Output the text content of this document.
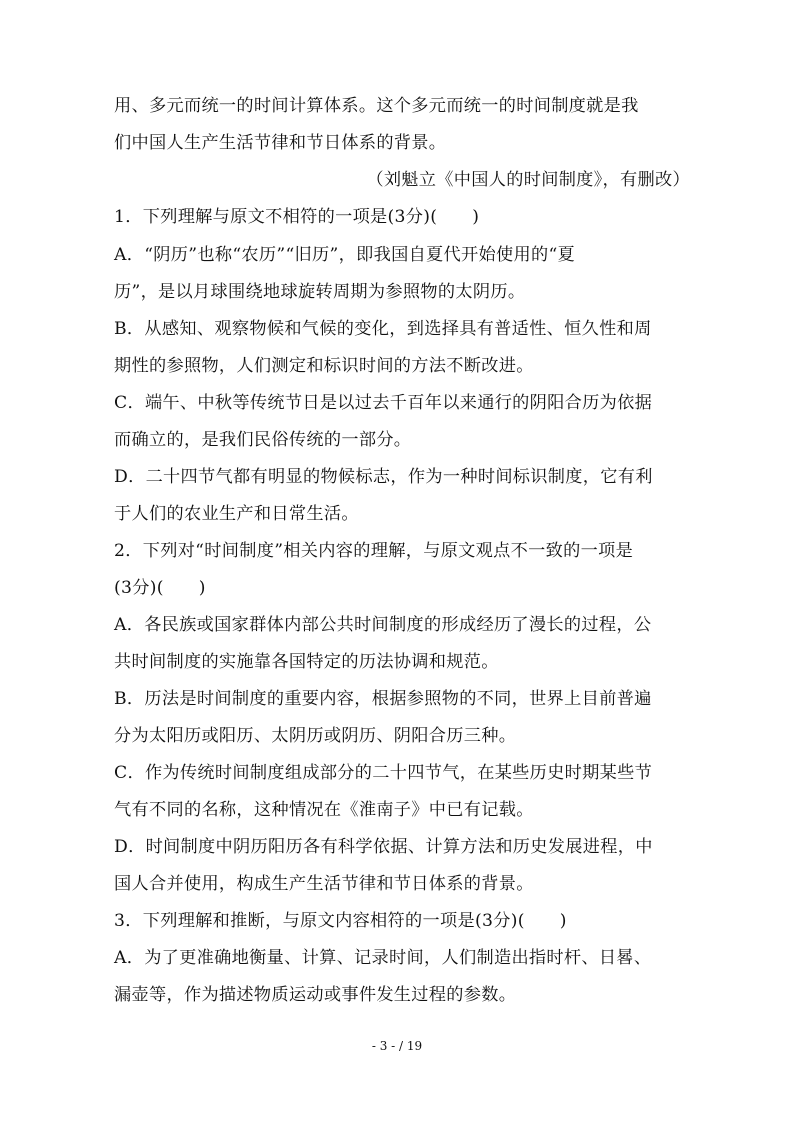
用、多元而统一的时间计算体系。这个多元而统一的时间制度就是我
们中国人生产生活节律和节日体系的背景。
（刘魁立《中国人的时间制度》，有删改）
1．下列理解与原文不相符的一项是(3分)(　　)
A．“阴历”也称“农历”“旧历”，即我国自夏代开始使用的“夏
历”，是以月球围绕地球旋转周期为参照物的太阴历。
B．从感知、观察物候和气候的变化，到选择具有普适性、恒久性和周
期性的参照物，人们测定和标识时间的方法不断改进。
C．端午、中秋等传统节日是以过去千百年以来通行的阴阳合历为依据
而确立的，是我们民俗传统的一部分。
D．二十四节气都有明显的物候标志，作为一种时间标识制度，它有利
于人们的农业生产和日常生活。
2．下列对“时间制度”相关内容的理解，与原文观点不一致的一项是
(3分)(　　)
A．各民族或国家群体内部公共时间制度的形成经历了漫长的过程，公
共时间制度的实施靠各国特定的历法协调和规范。
B．历法是时间制度的重要内容，根据参照物的不同，世界上目前普遍
分为太阳历或阳历、太阴历或阴历、阴阳合历三种。
C．作为传统时间制度组成部分的二十四节气，在某些历史时期某些节
气有不同的名称，这种情况在《淮南子》中已有记载。
D．时间制度中阴历阳历各有科学依据、计算方法和历史发展进程，中
国人合并使用，构成生产生活节律和节日体系的背景。
3．下列理解和推断，与原文内容相符的一项是(3分)(　　)
A．为了更准确地衡量、计算、记录时间，人们制造出指时杆、日晷、
漏壶等，作为描述物质运动或事件发生过程的参数。
- 3 - / 19
